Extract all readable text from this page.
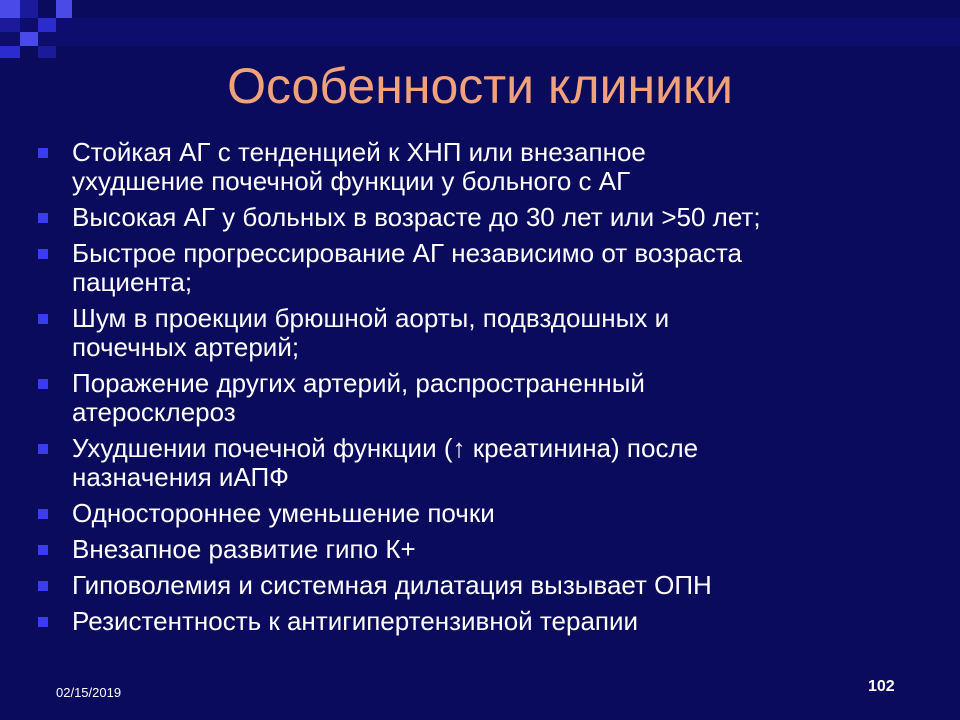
Особенности клиники
Стойкая АГ с тенденцией к ХНП или внезапное
ухудшение почечной функции у больного с АГ
Высокая АГ у больных в возрасте до 30 лет или >50 лет;
Быстрое прогрессирование АГ независимо от возраста
пациента;
Шум в проекции брюшной аорты, подвздошных и
почечных артерий;
Поражение других артерий, распространенный
атеросклероз
Ухудшении почечной функции (↑ креатинина) после
назначения иАПФ
Одностороннее уменьшение почки
Внезапное развитие гипо К+
Гиповолемия и системная дилатация вызывает ОПН
Резистентность к антигипертензивной терапии
02/15/2019	102
